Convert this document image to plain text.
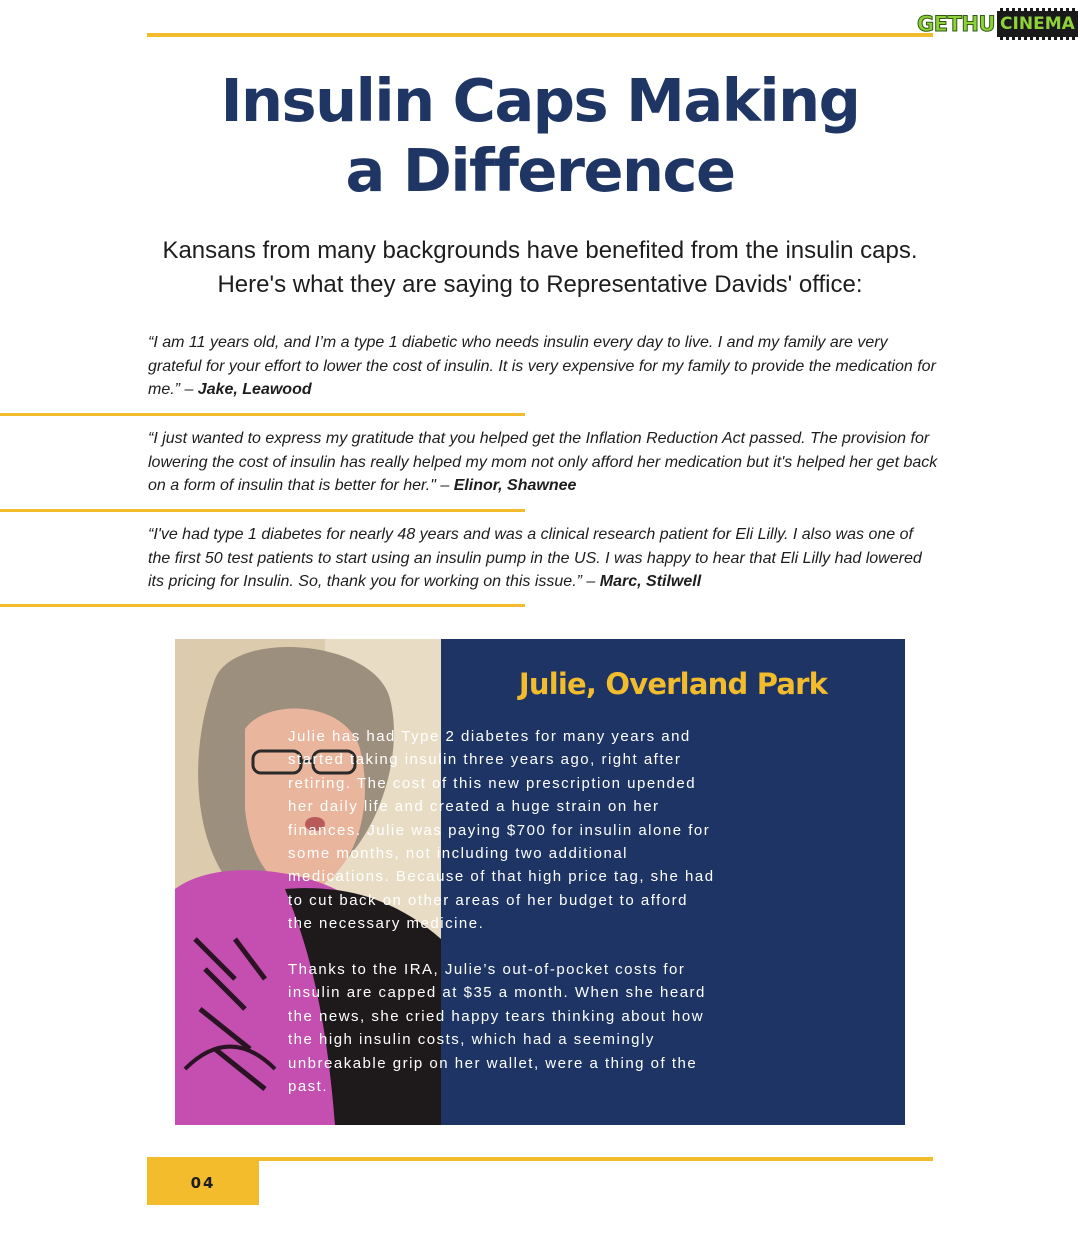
GETHU CINEMA
Insulin Caps Making
a Difference

Kansans from many backgrounds have benefited from the insulin caps.
Here's what they are saying to Representative Davids' office:

“I am 11 years old, and I’m a type 1 diabetic who needs insulin every day to live. I and my family are very grateful for your effort to lower the cost of insulin. It is very expensive for my family to provide the medication for me.” – Jake, Leawood

“I just wanted to express my gratitude that you helped get the Inflation Reduction Act passed. The provision for lowering the cost of insulin has really helped my mom not only afford her medication but it's helped her get back on a form of insulin that is better for her." – Elinor, Shawnee

“I've had type 1 diabetes for nearly 48 years and was a clinical research patient for Eli Lilly. I also was one of the first 50 test patients to start using an insulin pump in the US. I was happy to hear that Eli Lilly had lowered its pricing for Insulin. So, thank you for working on this issue.” – Marc, Stilwell

Julie, Overland Park

Julie has had Type 2 diabetes for many years and started taking insulin three years ago, right after retiring. The cost of this new prescription upended her daily life and created a huge strain on her finances. Julie was paying $700 for insulin alone for some months, not including two additional medications. Because of that high price tag, she had to cut back on other areas of her budget to afford the necessary medicine.

Thanks to the IRA, Julie’s out-of-pocket costs for insulin are capped at $35 a month. When she heard the news, she cried happy tears thinking about how the high insulin costs, which had a seemingly unbreakable grip on her wallet, were a thing of the past.

04
